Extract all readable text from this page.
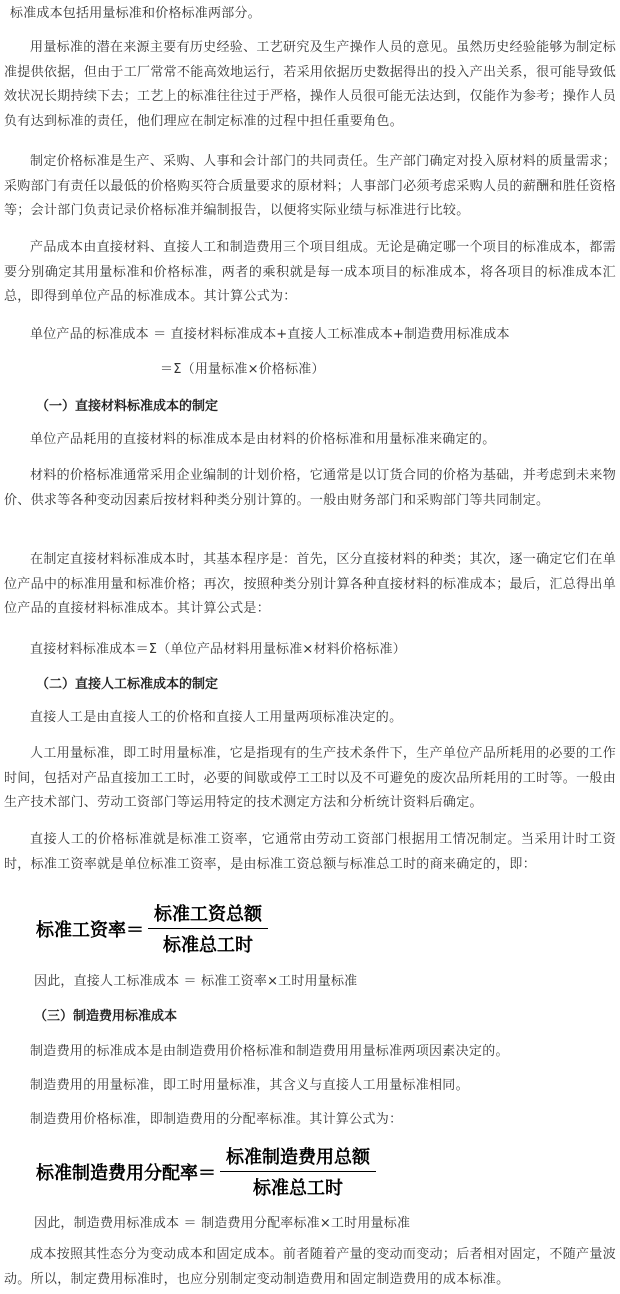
标准成本包括用量标准和价格标准两部分。
用量标准的潜在来源主要有历史经验、工艺研究及生产操作人员的意见。虽然历史经验能够为制定标准提供依据，但由于工厂常常不能高效地运行，若采用依据历史数据得出的投入产出关系，很可能导致低效状况长期持续下去；工艺上的标准往往过于严格，操作人员很可能无法达到，仅能作为参考；操作人员负有达到标准的责任，他们理应在制定标准的过程中担任重要角色。
制定价格标准是生产、采购、人事和会计部门的共同责任。生产部门确定对投入原材料的质量需求；采购部门有责任以最低的价格购买符合质量要求的原材料；人事部门必须考虑采购人员的薪酬和胜任资格等；会计部门负责记录价格标准并编制报告，以便将实际业绩与标准进行比较。
产品成本由直接材料、直接人工和制造费用三个项目组成。无论是确定哪一个项目的标准成本，都需要分别确定其用量标准和价格标准，两者的乘积就是每一成本项目的标准成本，将各项目的标准成本汇总，即得到单位产品的标准成本。其计算公式为：
单位产品的标准成本 ＝ 直接材料标准成本+直接人工标准成本+制造费用标准成本
＝Σ（用量标准×价格标准）
（一）直接材料标准成本的制定
单位产品耗用的直接材料的标准成本是由材料的价格标准和用量标准来确定的。
材料的价格标准通常采用企业编制的计划价格，它通常是以订货合同的价格为基础，并考虑到未来物价、供求等各种变动因素后按材料种类分别计算的。一般由财务部门和采购部门等共同制定。
在制定直接材料标准成本时，其基本程序是：首先，区分直接材料的种类；其次，逐一确定它们在单位产品中的标准用量和标准价格；再次，按照种类分别计算各种直接材料的标准成本；最后，汇总得出单位产品的直接材料标准成本。其计算公式是：
直接材料标准成本＝Σ（单位产品材料用量标准×材料价格标准）
（二）直接人工标准成本的制定
直接人工是由直接人工的价格和直接人工用量两项标准决定的。
人工用量标准，即工时用量标准，它是指现有的生产技术条件下，生产单位产品所耗用的必要的工作时间，包括对产品直接加工工时，必要的间歇或停工工时以及不可避免的废次品所耗用的工时等。一般由生产技术部门、劳动工资部门等运用特定的技术测定方法和分析统计资料后确定。
直接人工的价格标准就是标准工资率，它通常由劳动工资部门根据用工情况制定。当采用计时工资时，标准工资率就是单位标准工资率，是由标准工资总额与标准总工时的商来确定的，即：
标准工资率 ＝ $\frac{\text{标准工资总额}}{\text{标准总工时}}$
因此，直接人工标准成本 ＝ 标准工资率×工时用量标准
（三）制造费用标准成本
制造费用的标准成本是由制造费用价格标准和制造费用用量标准两项因素决定的。
制造费用的用量标准，即工时用量标准，其含义与直接人工用量标准相同。
制造费用价格标准，即制造费用的分配率标准。其计算公式为：
标准制造费用分配率 ＝ $\frac{\text{标准制造费用总额}}{\text{标准总工时}}$
因此，制造费用标准成本 ＝ 制造费用分配率标准×工时用量标准
成本按照其性态分为变动成本和固定成本。前者随着产量的变动而变动；后者相对固定，不随产量波动。所以，制定费用标准时，也应分别制定变动制造费用和固定制造费用的成本标准。
